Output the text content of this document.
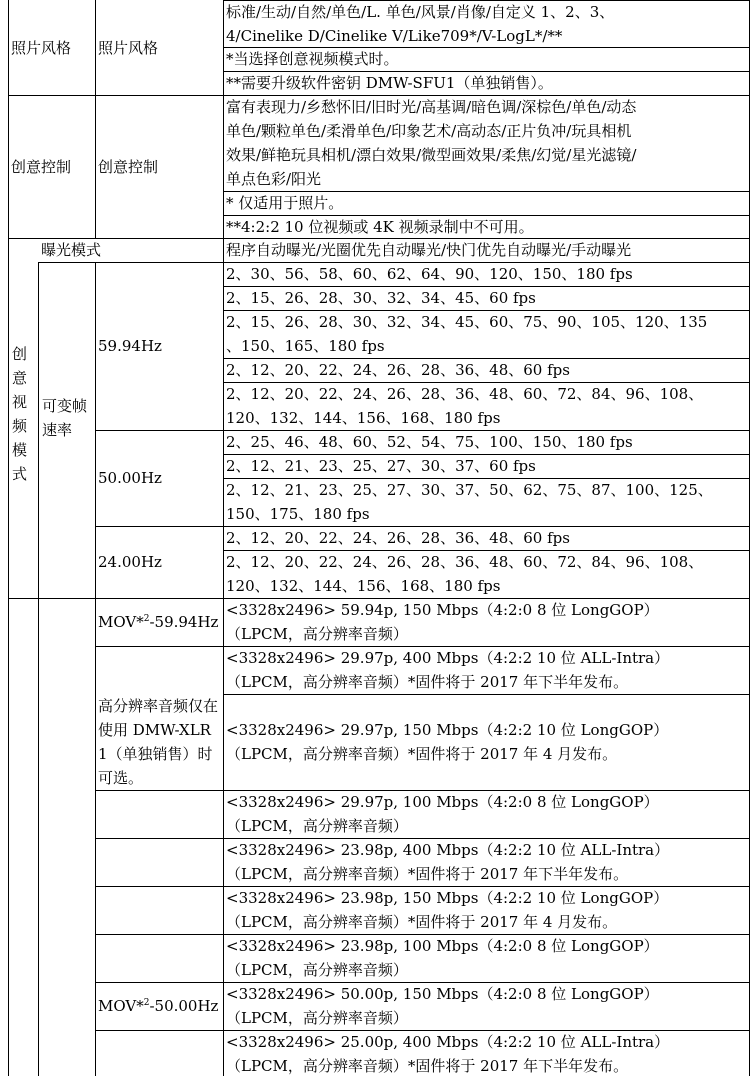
照片风格 照片风格
标准/生动/自然/单色/L. 单色/风景/肖像/自定义 1、2、3、
4/Cinelike D/Cinelike V/Like709*/V-LogL*/**
*当选择创意视频模式时。
**需要升级软件密钥 DMW-SFU1（单独销售）。
创意控制 创意控制
富有表现力/乡愁怀旧/旧时光/高基调/暗色调/深棕色/单色/动态
单色/颗粒单色/柔滑单色/印象艺术/高动态/正片负冲/玩具相机
效果/鲜艳玩具相机/漂白效果/微型画效果/柔焦/幻觉/星光滤镜/
单点色彩/阳光
* 仅适用于照片。
**4:2:2 10 位视频或 4K 视频录制中不可用。
创意视频模式
曝光模式	程序自动曝光/光圈优先自动曝光/快门优先自动曝光/手动曝光
可变帧速率
59.94Hz
2、30、56、58、60、62、64、90、120、150、180 fps
2、15、26、28、30、32、34、45、60 fps
2、15、26、28、30、32、34、45、60、75、90、105、120、135
、150、165、180 fps
2、12、20、22、24、26、28、36、48、60 fps
2、12、20、22、24、26、28、36、48、60、72、84、96、108、
120、132、144、156、168、180 fps
50.00Hz
2、25、46、48、60、52、54、75、100、150、180 fps
2、12、21、23、25、27、30、37、60 fps
2、12、21、23、25、27、30、37、50、62、75、87、100、125、
150、175、180 fps
24.00Hz
2、12、20、22、24、26、28、36、48、60 fps
2、12、20、22、24、26、28、36、48、60、72、84、96、108、
120、132、144、156、168、180 fps
MOV*$^2$-59.94Hz
高分辨率音频仅在使用 DMW-XLR1（单独销售）时可选。
MOV*$^2$-50.00Hz
<3328x2496> 59.94p, 150 Mbps（4:2:0 8 位 LongGOP）
（LPCM，高分辨率音频）
<3328x2496> 29.97p, 400 Mbps（4:2:2 10 位 ALL-Intra）
（LPCM，高分辨率音频）*固件将于 2017 年下半年发布。
<3328x2496> 29.97p, 150 Mbps（4:2:2 10 位 LongGOP）
（LPCM，高分辨率音频）*固件将于 2017 年 4 月发布。
<3328x2496> 29.97p, 100 Mbps（4:2:0 8 位 LongGOP）
（LPCM，高分辨率音频）
<3328x2496> 23.98p, 400 Mbps（4:2:2 10 位 ALL-Intra）
（LPCM，高分辨率音频）*固件将于 2017 年下半年发布。
<3328x2496> 23.98p, 150 Mbps（4:2:2 10 位 LongGOP）
（LPCM，高分辨率音频）*固件将于 2017 年 4 月发布。
<3328x2496> 23.98p, 100 Mbps（4:2:0 8 位 LongGOP）
（LPCM，高分辨率音频）
<3328x2496> 50.00p, 150 Mbps（4:2:0 8 位 LongGOP）
（LPCM，高分辨率音频）
<3328x2496> 25.00p, 400 Mbps（4:2:2 10 位 ALL-Intra）
（LPCM，高分辨率音频）*固件将于 2017 年下半年发布。
